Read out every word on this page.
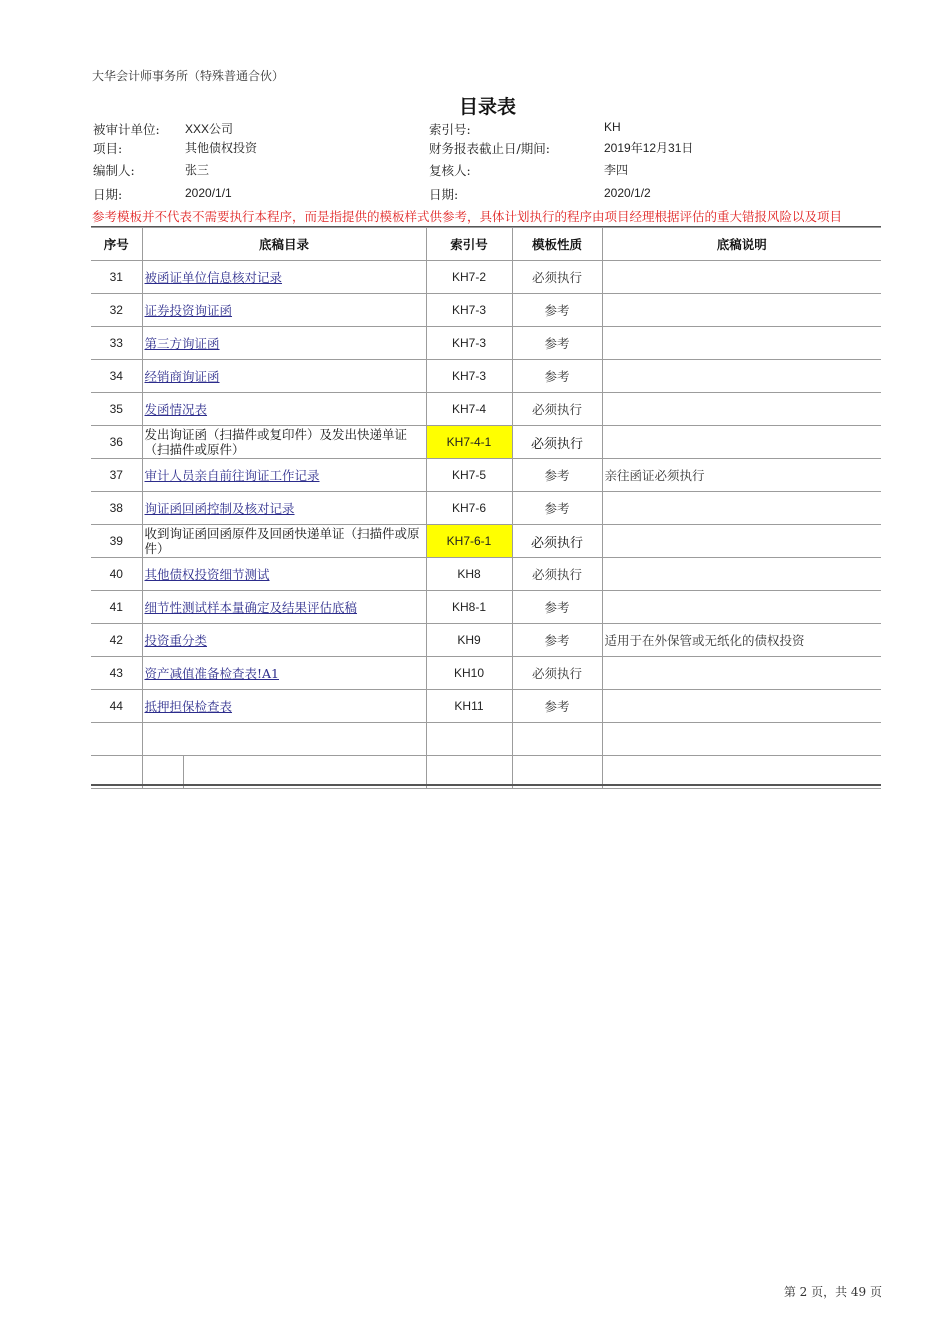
大华会计师事务所（特殊普通合伙）
目录表
被审计单位: XXX公司	索引号:	KH
项目:	其他债权投资	财务报表截止日/期间:	2019年12月31日
编制人:	张三	复核人:	李四
日期:	2020/1/1	日期:	2020/1/2
参考模板并不代表不需要执行本程序，而是指提供的模板样式供参考，具体计划执行的程序由项目经理根据评估的重大错报风险以及项目
序号	底稿目录	索引号	模板性质	底稿说明
31	被函证单位信息核对记录	KH7-2	必须执行	
32	证券投资询证函	KH7-3	参考	
33	第三方询证函	KH7-3	参考	
34	经销商询证函	KH7-3	参考	
35	发函情况表	KH7-4	必须执行	
36	发出询证函（扫描件或复印件）及发出快递单证（扫描件或原件）	KH7-4-1	必须执行	
37	审计人员亲自前往询证工作记录	KH7-5	参考	亲往函证必须执行
38	询证函回函控制及核对记录	KH7-6	参考	
39	收到询证函回函原件及回函快递单证（扫描件或原件）	KH7-6-1	必须执行	
40	其他债权投资细节测试	KH8	必须执行	
41	细节性测试样本量确定及结果评估底稿	KH8-1	参考	
42	投资重分类	KH9	参考	适用于在外保管或无纸化的债权投资
43	资产减值准备检查表!A1	KH10	必须执行	
44	抵押担保检查表	KH11	参考	

第 2 页，共 49 页
